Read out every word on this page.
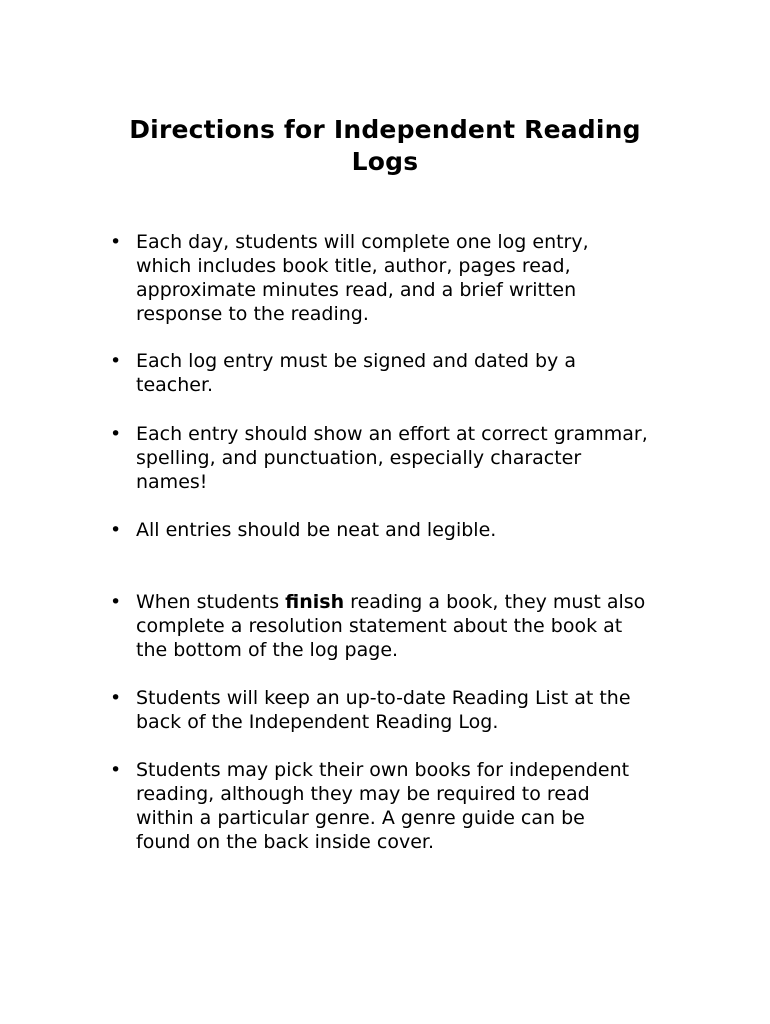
Directions for Independent Reading
Logs
• Each day, students will complete one log entry,

which includes book title, author, pages read,

approximate minutes read, and a brief written

response to the reading.

• Each log entry must be signed and dated by a

teacher.

• Each entry should show an effort at correct grammar,

spelling, and punctuation, especially character

names!

• All entries should be neat and legible.

• When students finish reading a book, they must also

complete a resolution statement about the book at

the bottom of the log page.

• Students will keep an up-to-date Reading List at the

back of the Independent Reading Log.

• Students may pick their own books for independent

reading, although they may be required to read

within a particular genre. A genre guide can be

found on the back inside cover.
